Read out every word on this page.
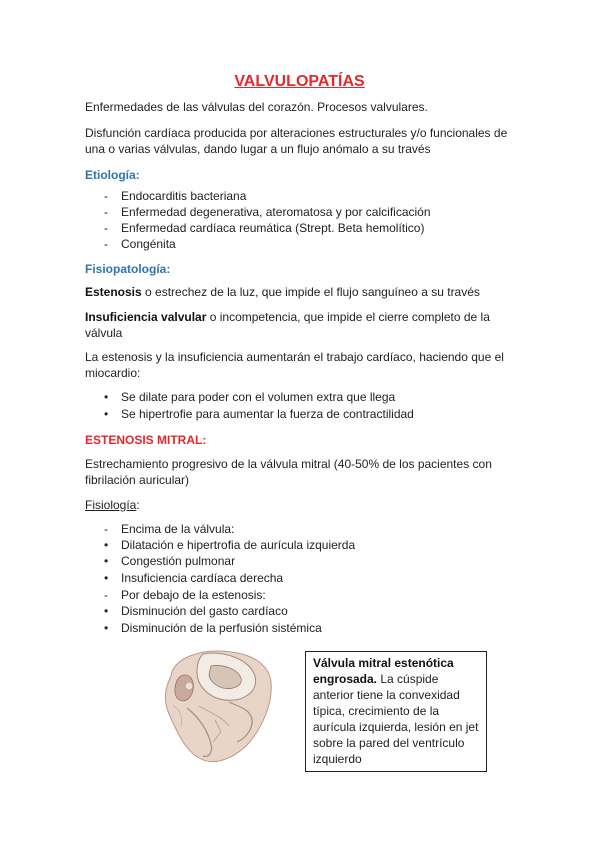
VALVULOPATÍAS
Enfermedades de las válvulas del corazón. Procesos valvulares.
Disfunción cardíaca producida por alteraciones estructurales y/o funcionales de
una o varias válvulas, dando lugar a un flujo anómalo a su través
Etiología:
- Endocarditis bacteriana
- Enfermedad degenerativa, ateromatosa y por calcificación
- Enfermedad cardíaca reumática (Strept. Beta hemolítico)
- Congénita
Fisiopatología:
Estenosis o estrechez de la luz, que impide el flujo sanguíneo a su través
Insuficiencia valvular o incompetencia, que impide el cierre completo de la
válvula
La estenosis y la insuficiencia aumentarán el trabajo cardíaco, haciendo que el
miocardio:
• Se dilate para poder con el volumen extra que llega
• Se hipertrofie para aumentar la fuerza de contractilidad
ESTENOSIS MITRAL:
Estrechamiento progresivo de la válvula mitral (40-50% de los pacientes con
fibrilación auricular)
Fisiología:
- Encima de la válvula:
• Dilatación e hipertrofia de aurícula izquierda
• Congestión pulmonar
• Insuficiencia cardíaca derecha
- Por debajo de la estenosis:
• Disminución del gasto cardíaco
• Disminución de la perfusión sistémica
Válvula mitral estenótica engrosada. La cúspide anterior tiene la convexidad típica, crecimiento de la aurícula izquierda, lesión en jet sobre la pared del ventrículo izquierdo
